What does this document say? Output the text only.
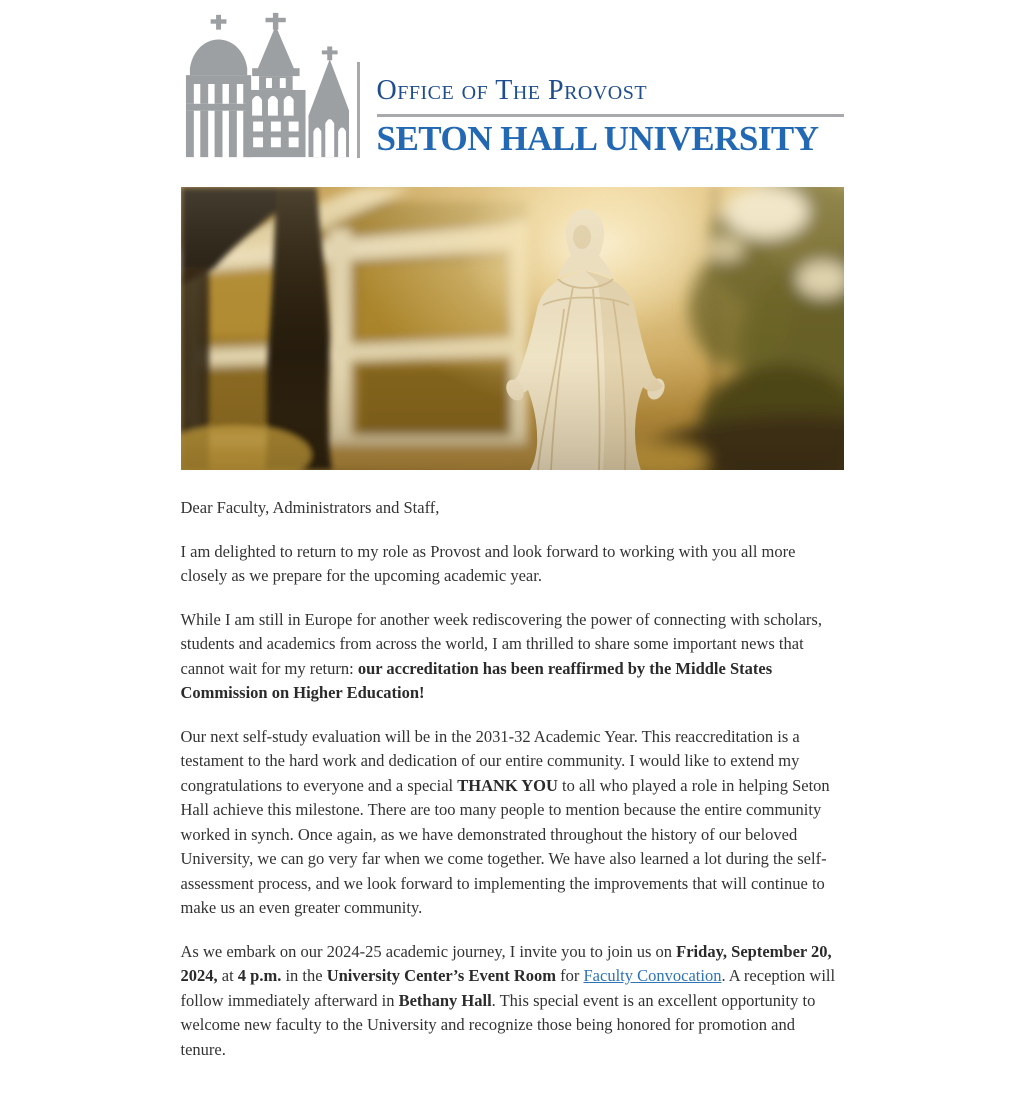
Office of The Provost
SETON HALL UNIVERSITY

Dear Faculty, Administrators and Staff,

I am delighted to return to my role as Provost and look forward to working with you all more closely as we prepare for the upcoming academic year.

While I am still in Europe for another week rediscovering the power of connecting with scholars, students and academics from across the world, I am thrilled to share some important news that cannot wait for my return: our accreditation has been reaffirmed by the Middle States Commission on Higher Education!

Our next self-study evaluation will be in the 2031-32 Academic Year. This reaccreditation is a testament to the hard work and dedication of our entire community. I would like to extend my congratulations to everyone and a special THANK YOU to all who played a role in helping Seton Hall achieve this milestone. There are too many people to mention because the entire community worked in synch. Once again, as we have demonstrated throughout the history of our beloved University, we can go very far when we come together. We have also learned a lot during the self-assessment process, and we look forward to implementing the improvements that will continue to make us an even greater community.

As we embark on our 2024-25 academic journey, I invite you to join us on Friday, September 20, 2024, at 4 p.m. in the University Center’s Event Room for Faculty Convocation. A reception will follow immediately afterward in Bethany Hall. This special event is an excellent opportunity to welcome new faculty to the University and recognize those being honored for promotion and tenure.
